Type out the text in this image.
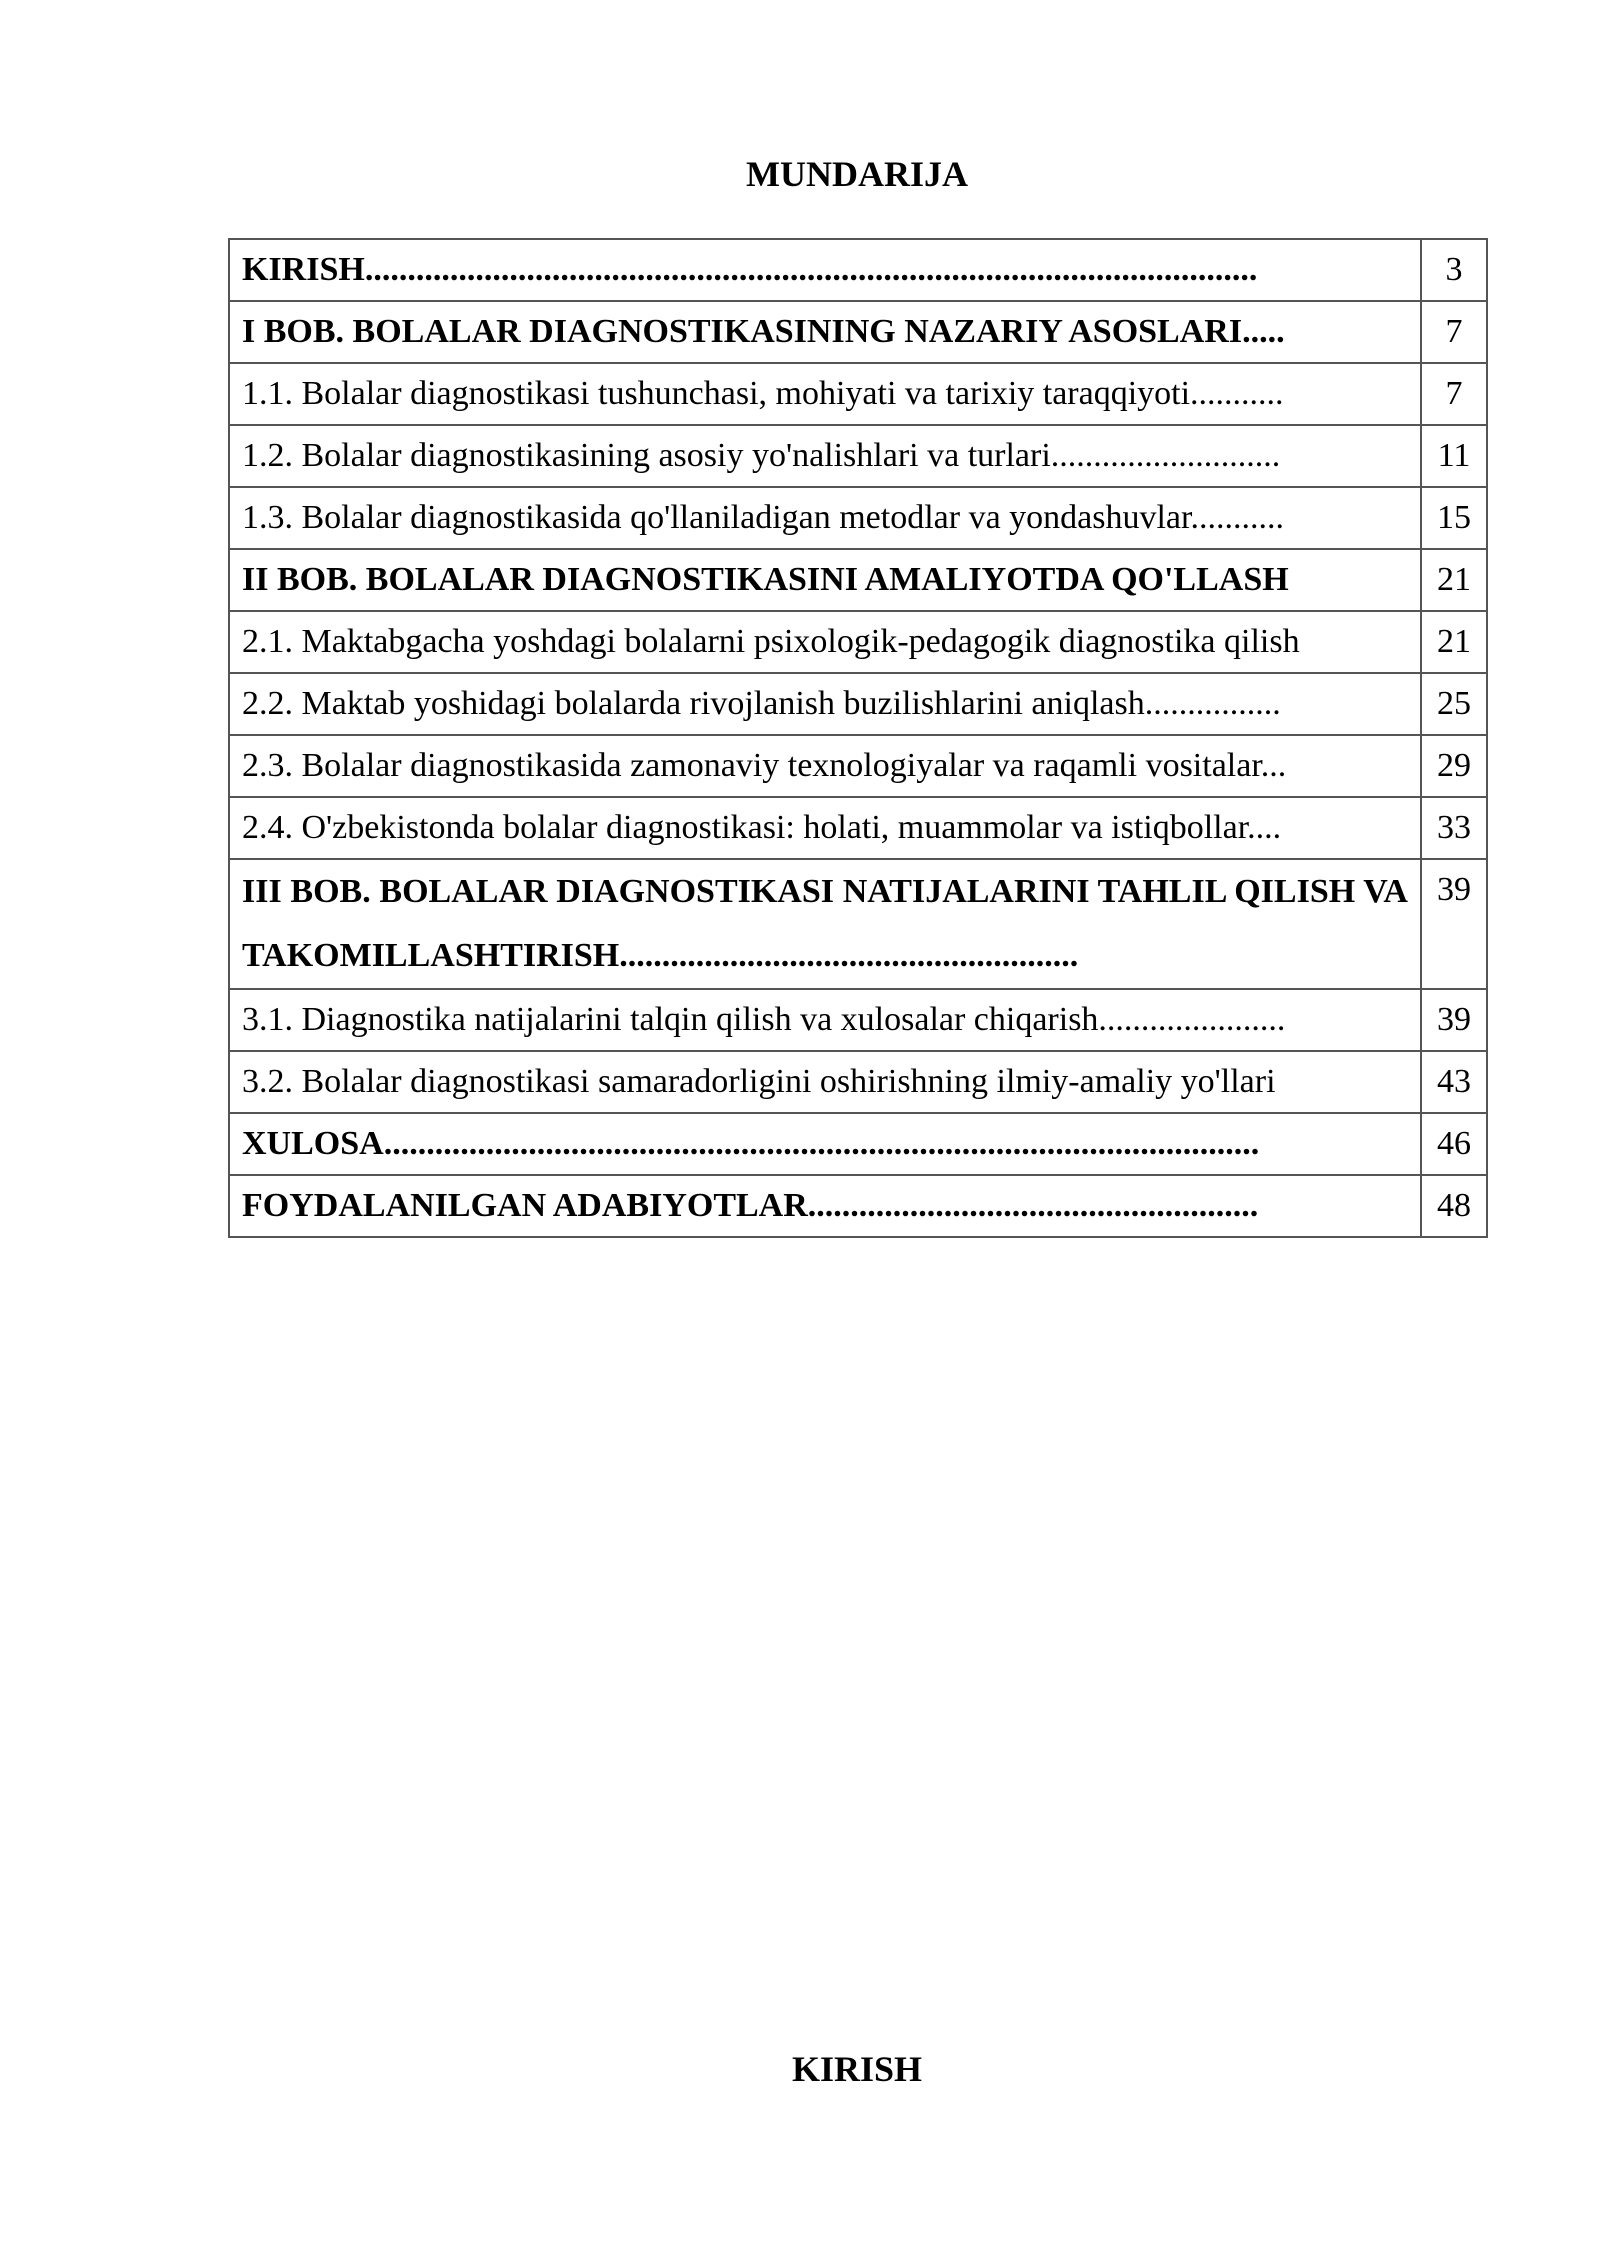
MUNDARIJA
KIRISH.........................................................................................................	3
I BOB. BOLALAR DIAGNOSTIKASINING NAZARIY ASOSLARI.....	7
1.1. Bolalar diagnostikasi tushunchasi, mohiyati va tarixiy taraqqiyoti...........	7
1.2. Bolalar diagnostikasining asosiy yo'nalishlari va turlari...........................	11
1.3. Bolalar diagnostikasida qo'llaniladigan metodlar va yondashuvlar...........	15
II BOB. BOLALAR DIAGNOSTIKASINI AMALIYOTDA QO'LLASH	21
2.1. Maktabgacha yoshdagi bolalarni psixologik-pedagogik diagnostika qilish	21
2.2. Maktab yoshidagi bolalarda rivojlanish buzilishlarini aniqlash................	25
2.3. Bolalar diagnostikasida zamonaviy texnologiyalar va raqamli vositalar...	29
2.4. O'zbekistonda bolalar diagnostikasi: holati, muammolar va istiqbollar....	33
III BOB. BOLALAR DIAGNOSTIKASI NATIJALARINI TAHLIL QILISH VA TAKOMILLASHTIRISH......................................................	39
3.1. Diagnostika natijalarini talqin qilish va xulosalar chiqarish......................	39
3.2. Bolalar diagnostikasi samaradorligini oshirishning ilmiy-amaliy yo'llari	43
XULOSA.......................................................................................................	46
FOYDALANILGAN ADABIYOTLAR.....................................................	48
KIRISH
